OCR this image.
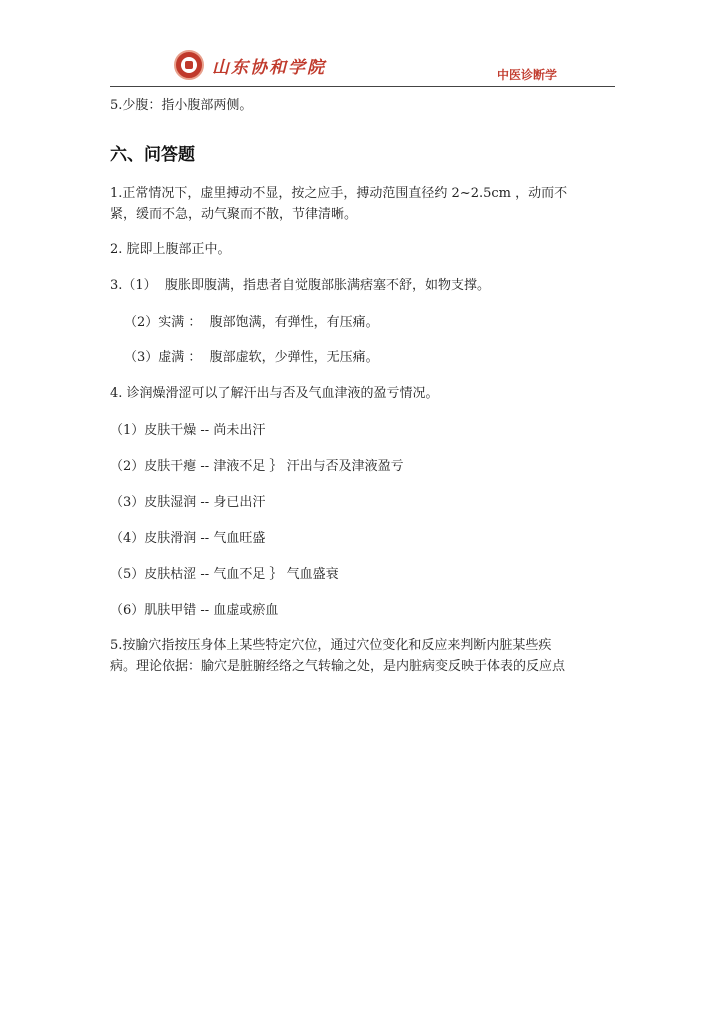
山东协和学院	中医诊断学
5.少腹：指小腹部两侧。
六、问答题
1.正常情况下，虚里搏动不显，按之应手，搏动范围直径约 2~2.5cm ，动而不
紧，缓而不急，动气聚而不散，节律清晰。
2. 脘即上腹部正中。
3.（1）  腹胀即腹满，指患者自觉腹部胀满痞塞不舒，如物支撑。
（2）实满 ：  腹部饱满，有弹性，有压痛。
（3）虚满 ：  腹部虚软，少弹性，无压痛。
4. 诊润燥滑涩可以了解汗出与否及气血津液的盈亏情况。
（1）皮肤干燥 -- 尚未出汗
（2）皮肤干瘪 -- 津液不足 ｝ 汗出与否及津液盈亏
（3）皮肤湿润 -- 身已出汗
（4）皮肤滑润 -- 气血旺盛
（5）皮肤枯涩 -- 气血不足 ｝ 气血盛衰
（6）肌肤甲错 -- 血虚或瘀血
5.按腧穴指按压身体上某些特定穴位，通过穴位变化和反应来判断内脏某些疾
病。理论依据：腧穴是脏腑经络之气转输之处，是内脏病变反映于体表的反应点
